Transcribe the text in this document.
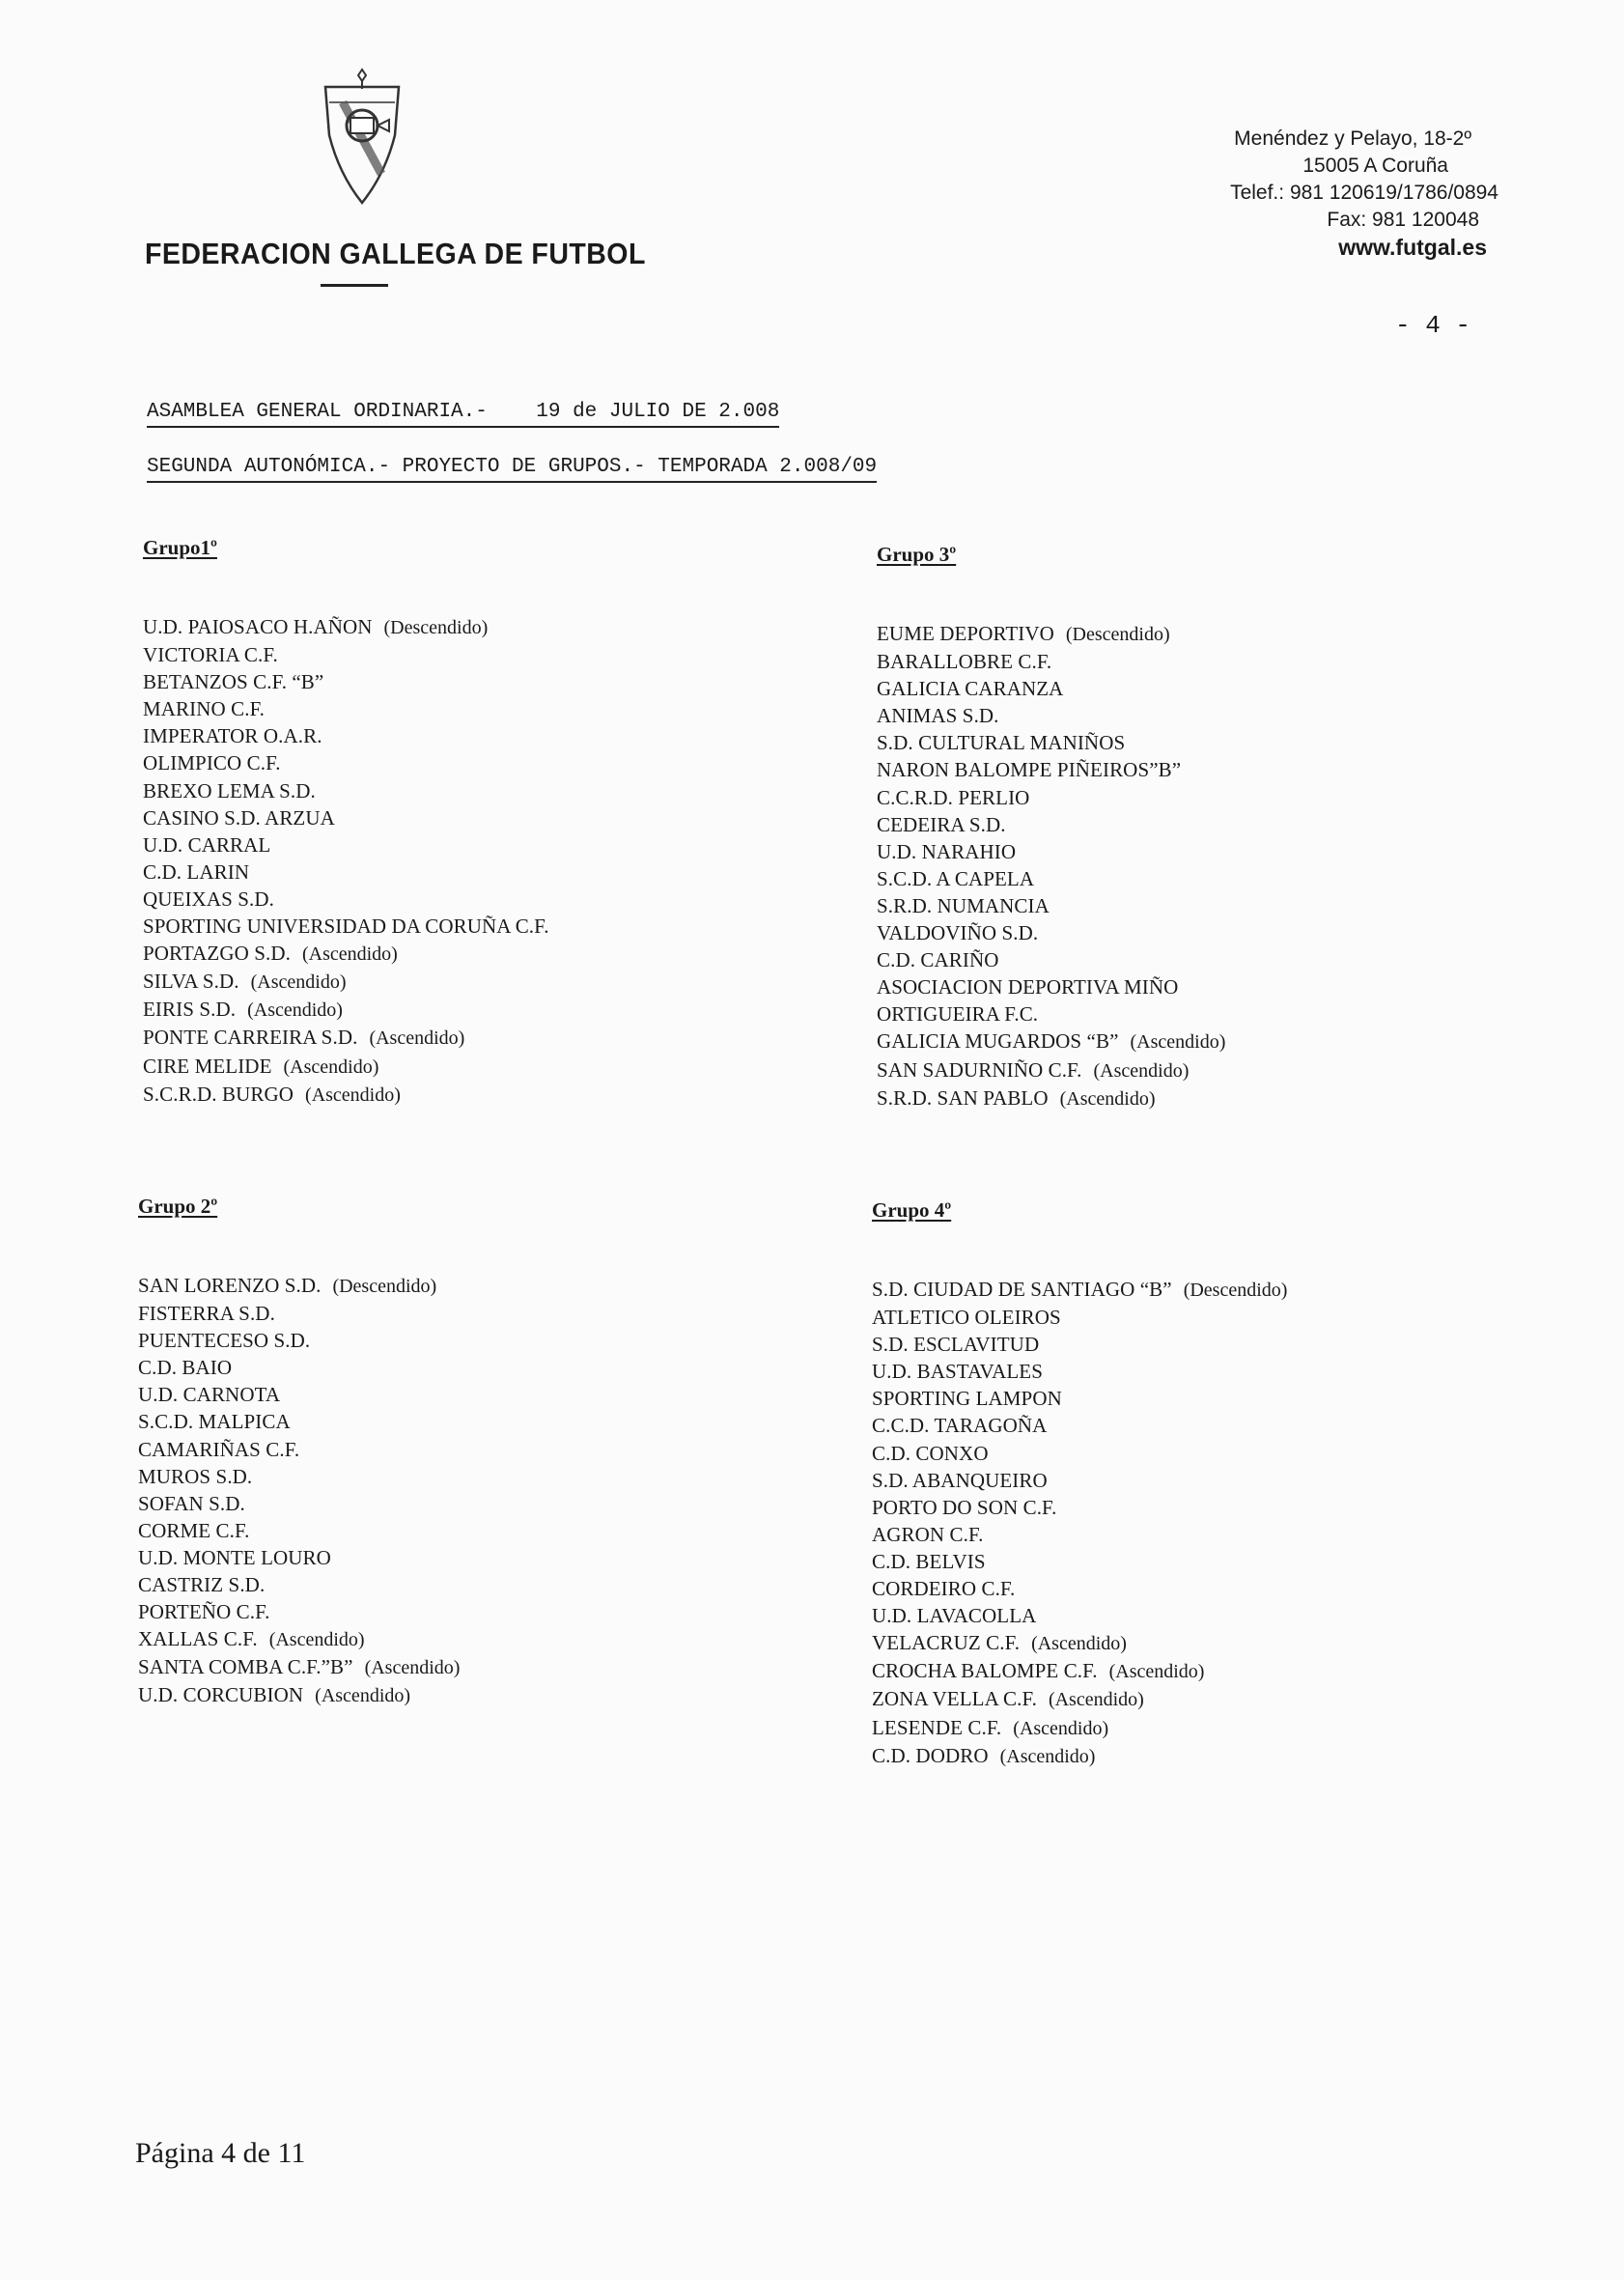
FEDERACION GALLEGA DE FUTBOL
Menéndez y Pelayo, 18-2º
15005 A Coruña
Telef.: 981 120619/1786/0894
Fax: 981 120048
www.futgal.es
- 4 -
ASAMBLEA GENERAL ORDINARIA.-    19 de JULIO DE 2.008
SEGUNDA AUTONÓMICA.- PROYECTO DE GRUPOS.- TEMPORADA 2.008/09
Grupo1º
U.D. PAIOSACO H.AÑON (Descendido)
VICTORIA C.F.
BETANZOS C.F. “B”
MARINO C.F.
IMPERATOR O.A.R.
OLIMPICO C.F.
BREXO LEMA S.D.
CASINO S.D. ARZUA
U.D. CARRAL
C.D. LARIN
QUEIXAS S.D.
SPORTING UNIVERSIDAD DA CORUÑA C.F.
PORTAZGO S.D. (Ascendido)
SILVA S.D. (Ascendido)
EIRIS S.D. (Ascendido)
PONTE CARREIRA S.D. (Ascendido)
CIRE MELIDE (Ascendido)
S.C.R.D. BURGO (Ascendido)
Grupo 3º
EUME DEPORTIVO (Descendido)
BARALLOBRE C.F.
GALICIA CARANZA
ANIMAS S.D.
S.D. CULTURAL MANIÑOS
NARON BALOMPE PIÑEIROS”B”
C.C.R.D. PERLIO
CEDEIRA S.D.
U.D. NARAHIO
S.C.D. A CAPELA
S.R.D. NUMANCIA
VALDOVIÑO S.D.
C.D. CARIÑO
ASOCIACION DEPORTIVA MIÑO
ORTIGUEIRA F.C.
GALICIA MUGARDOS “B” (Ascendido)
SAN SADURNIÑO C.F. (Ascendido)
S.R.D. SAN PABLO (Ascendido)
Grupo 2º
SAN LORENZO S.D. (Descendido)
FISTERRA S.D.
PUENTECESO S.D.
C.D. BAIO
U.D. CARNOTA
S.C.D. MALPICA
CAMARIÑAS C.F.
MUROS S.D.
SOFAN S.D.
CORME C.F.
U.D. MONTE LOURO
CASTRIZ S.D.
PORTEÑO C.F.
XALLAS C.F. (Ascendido)
SANTA COMBA C.F.”B” (Ascendido)
U.D. CORCUBION (Ascendido)
Grupo 4º
S.D. CIUDAD DE SANTIAGO “B” (Descendido)
ATLETICO OLEIROS
S.D. ESCLAVITUD
U.D. BASTAVALES
SPORTING LAMPON
C.C.D. TARAGOÑA
C.D. CONXO
S.D. ABANQUEIRO
PORTO DO SON C.F.
AGRON C.F.
C.D. BELVIS
CORDEIRO C.F.
U.D. LAVACOLLA
VELACRUZ C.F. (Ascendido)
CROCHA BALOMPE C.F. (Ascendido)
ZONA VELLA C.F. (Ascendido)
LESENDE C.F. (Ascendido)
C.D. DODRO (Ascendido)
Página 4 de 11
